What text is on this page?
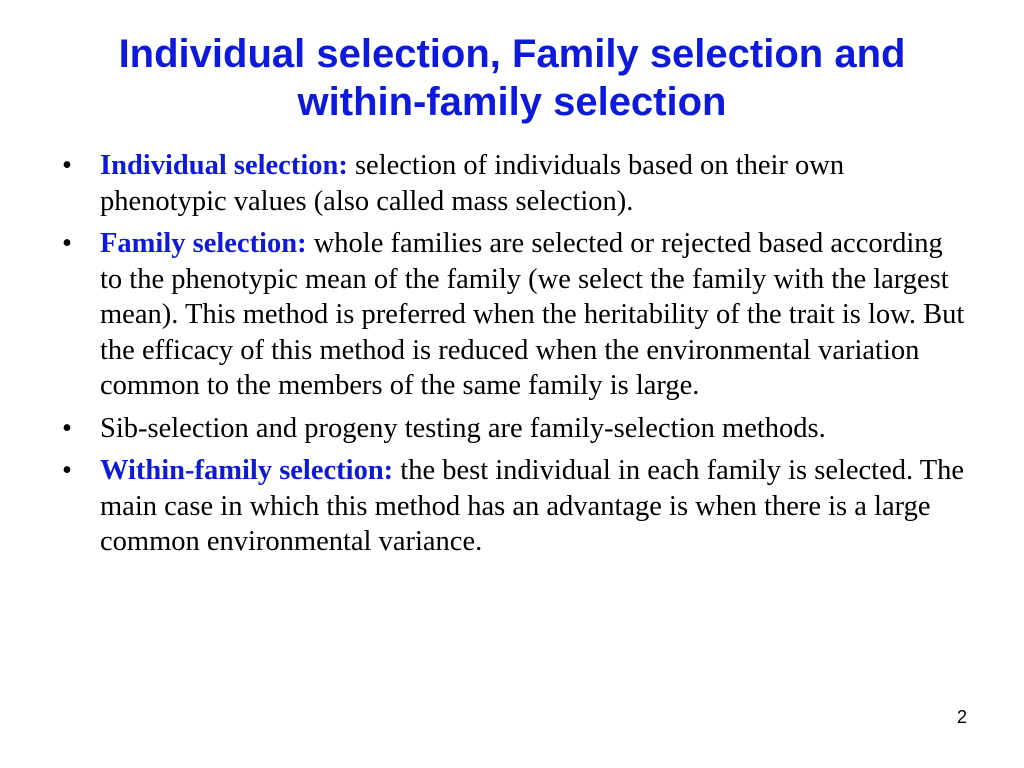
Individual selection, Family selection and
within-family selection
• Individual selection: selection of individuals based on their own phenotypic values (also called mass selection).
• Family selection: whole families are selected or rejected based according to the phenotypic mean of the family (we select the family with the largest mean). This method is preferred when the heritability of the trait is low. But the efficacy of this method is reduced when the environmental variation common to the members of the same family is large.
• Sib-selection and progeny testing are family-selection methods.
• Within-family selection: the best individual in each family is selected. The main case in which this method has an advantage is when there is a large common environmental variance.
2
